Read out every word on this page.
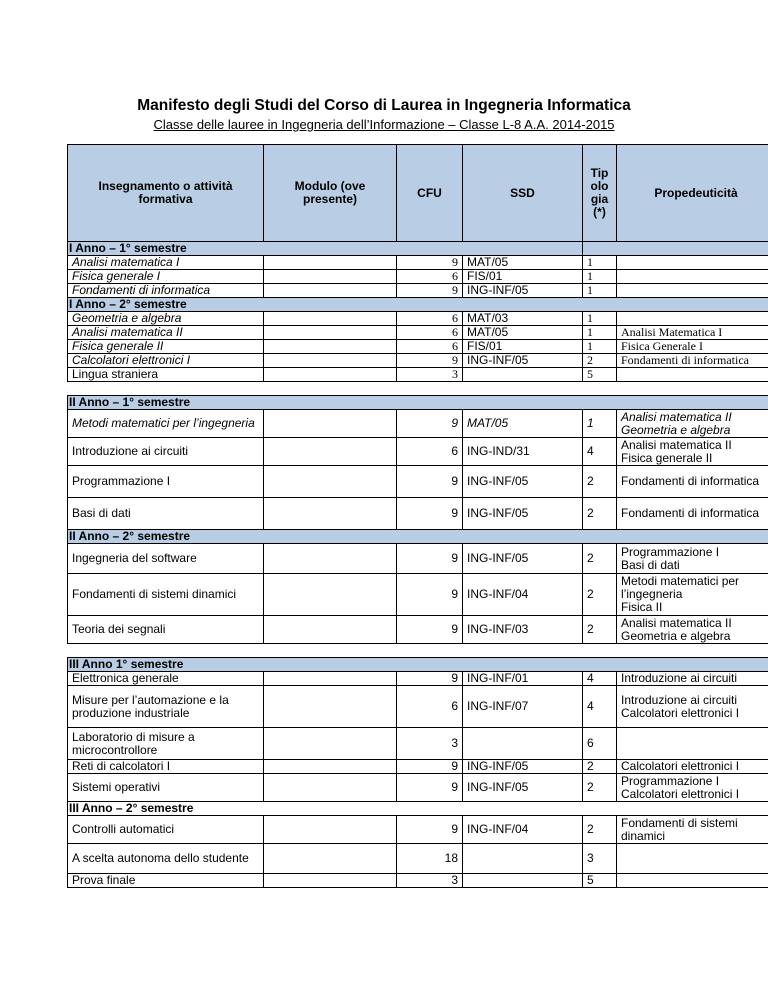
Manifesto degli Studi del Corso di Laurea in Ingegneria Informatica
Classe delle lauree in Ingegneria dell’Informazione – Classe L-8 A.A. 2014-2015
Insegnamento o attività formativa	Modulo (ove presente)	CFU	SSD	Tip olo gia (*)	Propedeuticità
I Anno – 1° semestre					
Analisi matematica I		9	MAT/05	1	
Fisica generale I		6	FIS/01	1	
Fondamenti di informatica		9	ING-INF/05	1	
I Anno – 2° semestre					
Geometria e algebra		6	MAT/03	1	
Analisi matematica II		6	MAT/05	1	Analisi Matematica I
Fisica generale II		6	FIS/01	1	Fisica Generale I
Calcolatori elettronici I		9	ING-INF/05	2	Fondamenti di informatica
Lingua straniera		3		5	

II Anno – 1° semestre					
Metodi matematici per l’ingegneria		9	MAT/05	1	Analisi matematica II
Geometria e algebra

Introduzione ai circuiti		6	ING-IND/31	4	Analisi matematica II
Fisica generale II

Programmazione I		9	ING-INF/05	2	Fondamenti di informatica
Basi di dati		9	ING-INF/05	2	Fondamenti di informatica
II Anno – 2° semestre					
Ingegneria del software		9	ING-INF/05	2	Programmazione I
Basi di dati

Fondamenti di sistemi dinamici		9	ING-INF/04	2	Metodi matematici per l’ingegneria
Fisica II

Teoria dei segnali		9	ING-INF/03	2	Analisi matematica II
Geometria e algebra

III Anno 1° semestre					
Elettronica generale		9	ING-INF/01	4	Introduzione ai circuiti
Misure per l’automazione e la produzione industriale		6	ING-INF/07	4	Introduzione ai circuiti
Calcolatori elettronici I

Laboratorio di misure a microcontrollore		3		6	
Reti di calcolatori I		9	ING-INF/05	2	Calcolatori elettronici I
Sistemi operativi		9	ING-INF/05	2	Programmazione I
Calcolatori elettronici I

III Anno – 2° semestre					
Controlli automatici		9	ING-INF/04	2	Fondamenti di sistemi dinamici
A scelta autonoma dello studente		18		3	
Prova finale		3		5	
